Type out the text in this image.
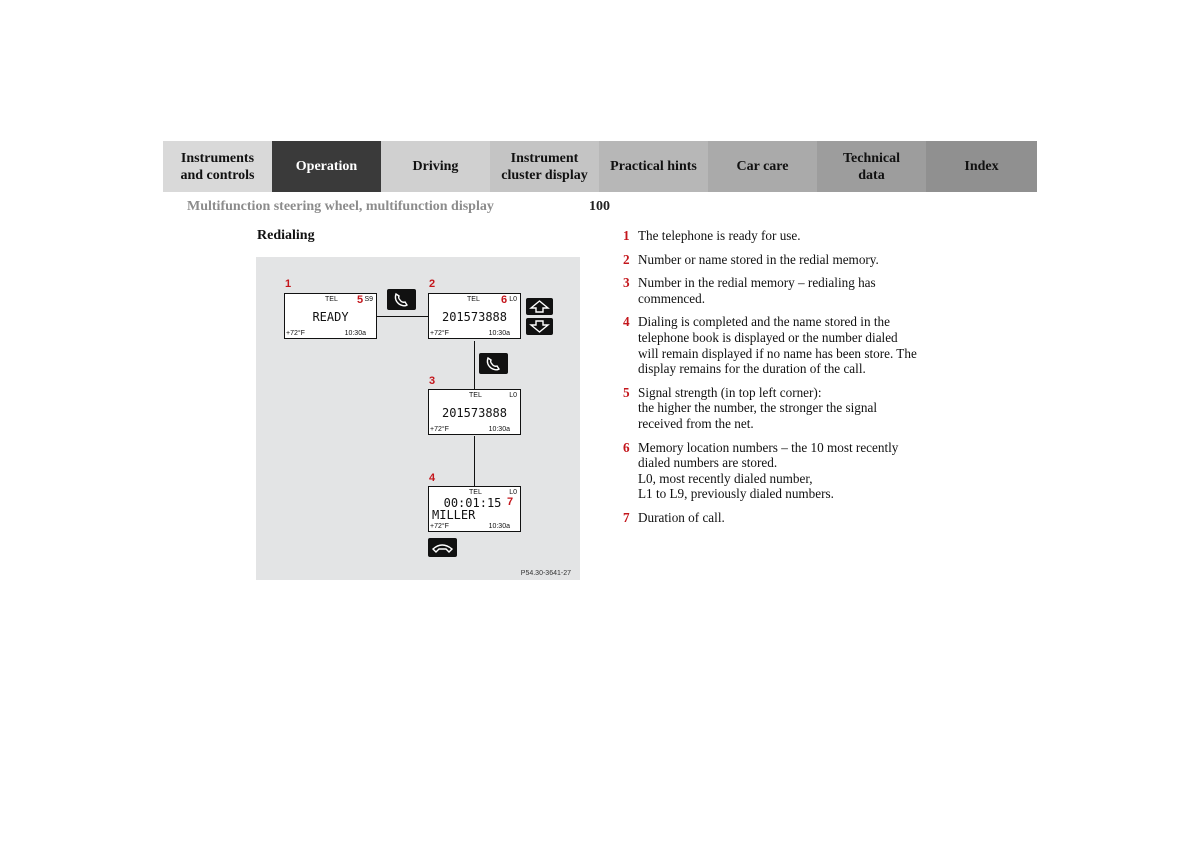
Instruments
and controls
Operation	Driving
Instrument
cluster display
Practical hints	Car care
Technical
data
Index
Multifunction steering wheel, multifunction display	100
Redialing
1
TEL 5 S9
READY
+72°F	10:30a
2
TEL 6 L0
201573888
+72°F	10:30a
3
TEL	L0
201573888
+72°F	10:30a
4
TEL	L0
00:01:15 7
MILLER
+72°F	10:30a
P54.30-3641-27
1 The telephone is ready for use.
2 Number or name stored in the redial memory.
3 Number in the redial memory – redialing has
commenced.
4 Dialing is completed and the name stored in the
telephone book is displayed or the number dialed
will remain displayed if no name has been store. The
display remains for the duration of the call.
5 Signal strength (in top left corner):
the higher the number, the stronger the signal
received from the net.
6 Memory location numbers – the 10 most recently
dialed numbers are stored.
L0, most recently dialed number,
L1 to L9, previously dialed numbers.
7 Duration of call.
